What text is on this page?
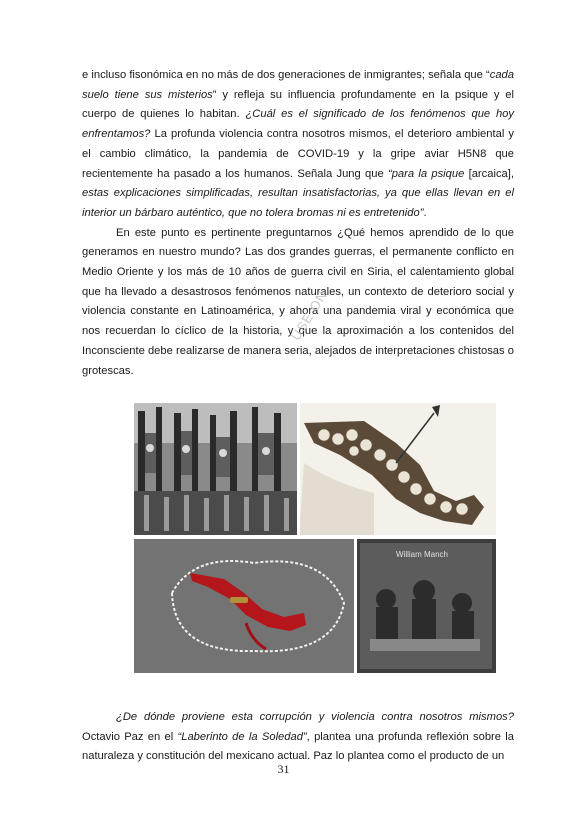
e incluso fisonómica en no más de dos generaciones de inmigrantes; señala que “cada suelo tiene sus misterios” y refleja su influencia profundamente en la psique y el cuerpo de quienes lo habitan. ¿Cuál es el significado de los fenómenos que hoy enfrentamos? La profunda violencia contra nosotros mismos, el deterioro ambiental y el cambio climático, la pandemia de COVID-19 y la gripe aviar H5N8 que recientemente ha pasado a los humanos. Señala Jung que “para la psique [arcaica], estas explicaciones simplificadas, resultan insatisfactorias, ya que ellas llevan en el interior un bárbaro auténtico, que no tolera bromas ni es entretenido”.

En este punto es pertinente preguntarnos ¿Qué hemos aprendido de lo que generamos en nuestro mundo? Las dos grandes guerras, el permanente conflicto en Medio Oriente y los más de 10 años de guerra civil en Siria, el calentamiento global que ha llevado a desastrosos fenómenos naturales, un contexto de deterioro social y violencia constante en Latinoamérica, y ahora una pandemia viral y económica que nos recuerdan lo cíclico de la historia, y que la aproximación a los contenidos del Inconsciente debe realizarse de manera seria, alejados de interpretaciones chistosas o grotescas.

USE ON
William Manch

¿De dónde proviene esta corrupción y violencia contra nosotros mismos? Octavio Paz en el “Laberinto de la Soledad”, plantea una profunda reflexión sobre la naturaleza y constitución del mexicano actual. Paz lo plantea como el producto de un

31
